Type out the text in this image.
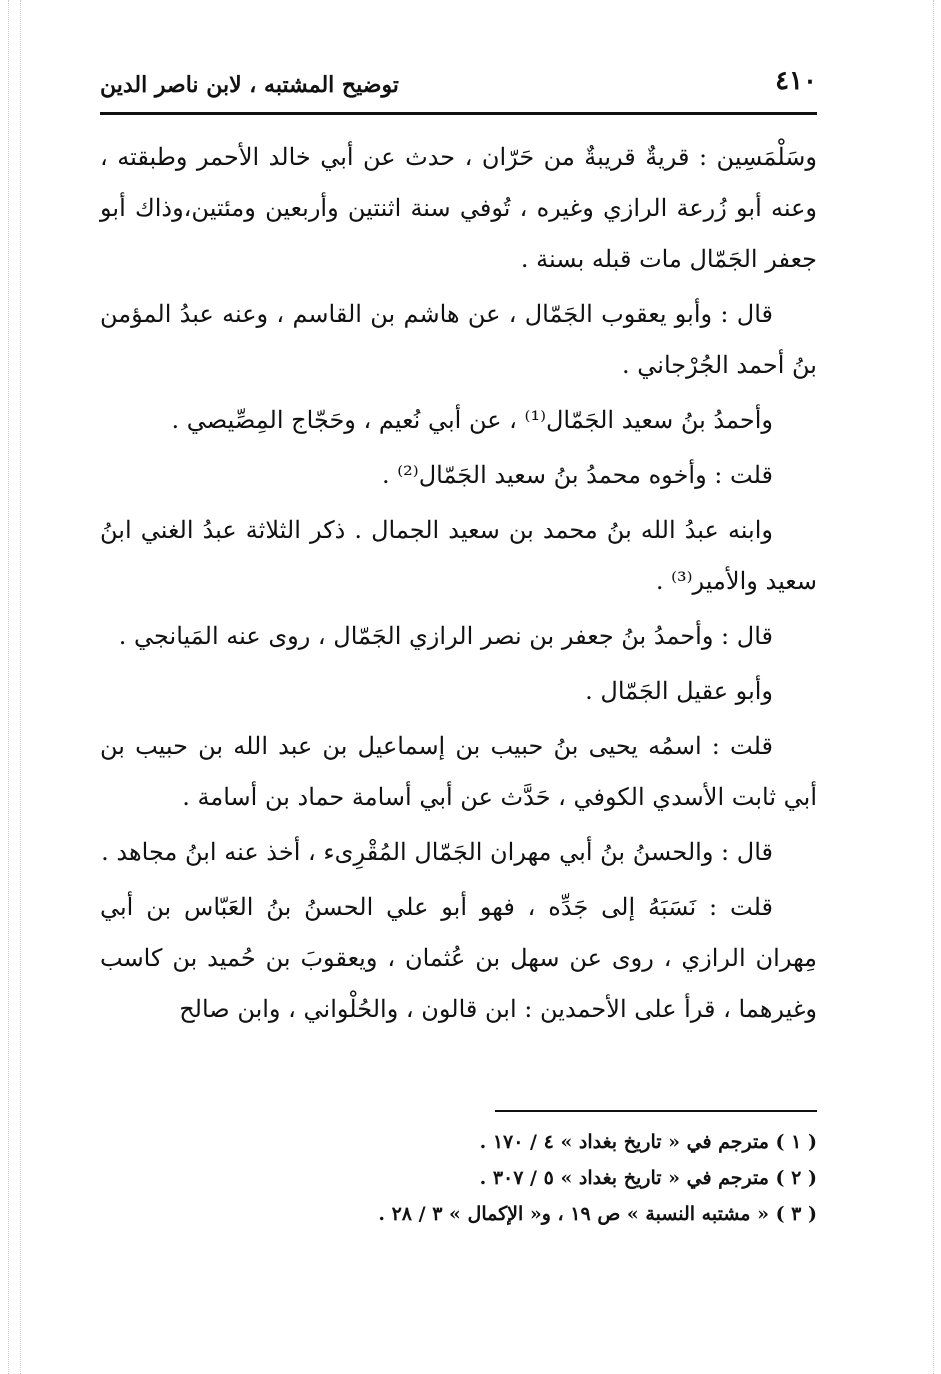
٤١٠
توضيح المشتبه ، لابن ناصر الدين

وسَلْمَسِين : قريةٌ قريبةٌ من حَرّان ، حدث عن أبي خالد الأحمر وطبقته ، وعنه أبو زُرعة الرازي وغيره ، تُوفي سنة اثنتين وأربعين ومئتين،وذاك أبو جعفر الجَمّال مات قبله بسنة .

قال : وأبو يعقوب الجَمّال ، عن هاشم بن القاسم ، وعنه عبدُ المؤمن بنُ أحمد الجُرْجاني .

وأحمدُ بنُ سعيد الجَمّال⁽¹⁾ ، عن أبي نُعيم ، وحَجّاج المِصِّيصي .

قلت : وأخوه محمدُ بنُ سعيد الجَمّال⁽²⁾ .

وابنه عبدُ الله بنُ محمد بن سعيد الجمال . ذكر الثلاثة عبدُ الغني ابنُ سعيد والأمير⁽³⁾ .

قال : وأحمدُ بنُ جعفر بن نصر الرازي الجَمّال ، روى عنه المَيانجي .

وأبو عقيل الجَمّال .

قلت : اسمُه يحيى بنُ حبيب بن إسماعيل بن عبد الله بن حبيب بن أبي ثابت الأسدي الكوفي ، حَدَّث عن أبي أسامة حماد بن أسامة .

قال : والحسنُ بنُ أبي مهران الجَمّال المُقْرِىء ، أخذ عنه ابنُ مجاهد .

قلت : نَسَبَهُ إلى جَدِّه ، فهو أبو علي الحسنُ بنُ العَبّاس بن أبي مِهران الرازي ، روى عن سهل بن عُثمان ، ويعقوبَ بن حُميد بن كاسب وغيرهما ، قرأ على الأحمدين : ابن قالون ، والحُلْواني ، وابن صالح

( ١ ) مترجم في « تاريخ بغداد » ٤ / ١٧٠ .
( ٢ ) مترجم في « تاريخ بغداد » ٥ / ٣٠٧ .
( ٣ ) « مشتبه النسبة » ص ١٩ ، و« الإكمال » ٣ / ٢٨ .
